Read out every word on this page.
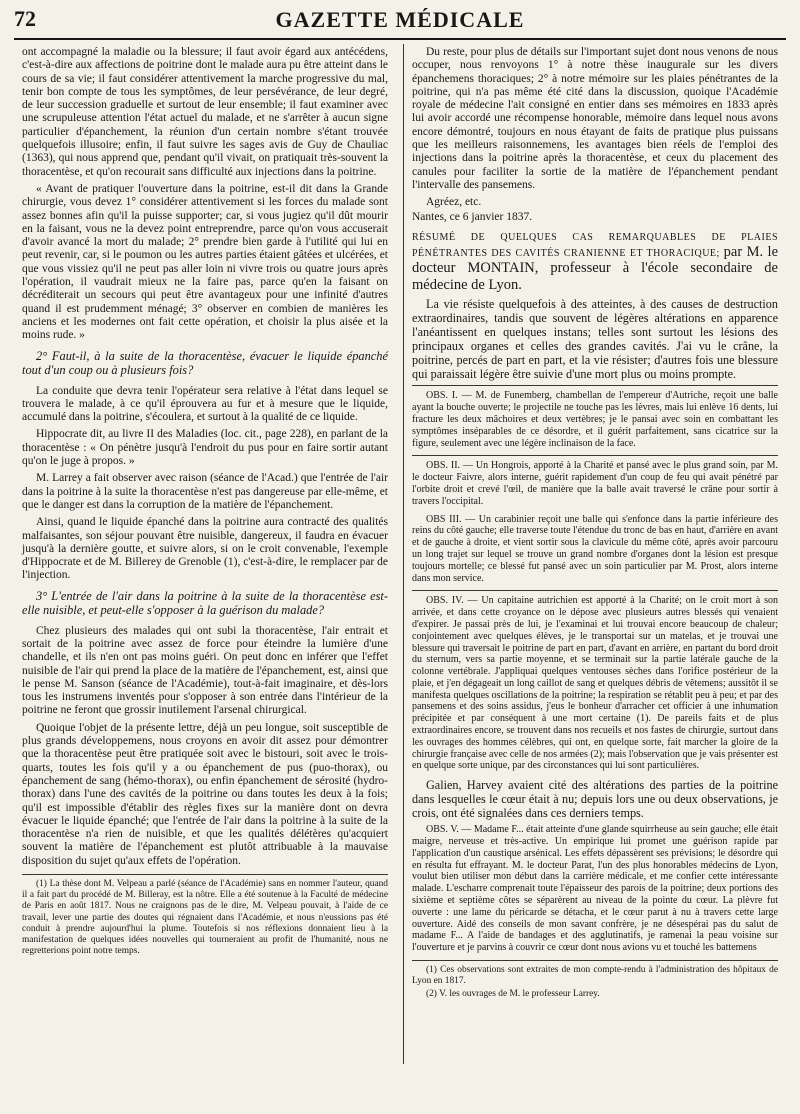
72	GAZETTE MÉDICALE

ont accompagné la maladie ou la blessure; il faut avoir égard aux antécédens, c'est-à-dire aux affections de poitrine dont le malade aura pu être atteint dans le cours de sa vie; il faut considérer attentivement la marche progressive du mal, tenir bon compte de tous les symptômes, de leur persévérance, de leur degré, de leur succession graduelle et surtout de leur ensemble; il faut examiner avec une scrupuleuse attention l'état actuel du malade, et ne s'arrêter à aucun signe particulier d'épanchement, la réunion d'un certain nombre s'étant trouvée quelquefois illusoire; enfin, il faut suivre les sages avis de Guy de Chauliac (1363), qui nous apprend que, pendant qu'il vivait, on pratiquait très-souvent la thoracentèse, et qu'on recourait sans difficulté aux injections dans la poitrine.

« Avant de pratiquer l'ouverture dans la poitrine, est-il dit dans la Grande chirurgie, vous devez 1° considérer attentivement si les forces du malade sont assez bonnes afin qu'il la puisse supporter; car, si vous jugiez qu'il dût mourir en la faisant, vous ne la devez point entreprendre, parce qu'on vous accuserait d'avoir avancé la mort du malade; 2° prendre bien garde à l'utilité qui lui en peut revenir, car, si le poumon ou les autres parties étaient gâtées et ulcérées, et que vous vissiez qu'il ne peut pas aller loin ni vivre trois ou quatre jours après l'opération, il vaudrait mieux ne la faire pas, parce qu'en la faisant on décréditerait un secours qui peut être avantageux pour une infinité d'autres quand il est prudemment ménagé; 3° observer en combien de manières les anciens et les modernes ont fait cette opération, et choisir la plus aisée et la moins rude. »

2° Faut-il, à la suite de la thoracentèse, évacuer le liquide épanché tout d'un coup ou à plusieurs fois?

La conduite que devra tenir l'opérateur sera relative à l'état dans lequel se trouvera le malade, à ce qu'il éprouvera au fur et à mesure que le liquide, accumulé dans la poitrine, s'écoulera, et surtout à la qualité de ce liquide.

Hippocrate dit, au livre II des Maladies (loc. cit., page 228), en parlant de la thoracentèse : « On pénètre jusqu'à l'endroit du pus pour en faire sortir autant qu'on le juge à propos. »

M. Larrey a fait observer avec raison (séance de l'Acad.) que l'entrée de l'air dans la poitrine à la suite la thoracentèse n'est pas dangereuse par elle-même, et que le danger est dans la corruption de la matière de l'épanchement.

Ainsi, quand le liquide épanché dans la poitrine aura contracté des qualités malfaisantes, son séjour pouvant être nuisible, dangereux, il faudra en évacuer jusqu'à la dernière goutte, et suivre alors, si on le croit convenable, l'exemple d'Hippocrate et de M. Billerey de Grenoble (1), c'est-à-dire, le remplacer par de l'injection.

3° L'entrée de l'air dans la poitrine à la suite de la thoracentèse est-elle nuisible, et peut-elle s'opposer à la guérison du malade?

Chez plusieurs des malades qui ont subi la thoracentèse, l'air entrait et sortait de la poitrine avec assez de force pour éteindre la lumière d'une chandelle, et ils n'en ont pas moins guéri. On peut donc en inférer que l'effet nuisible de l'air qui prend la place de la matière de l'épanchement, est, ainsi que le pense M. Sanson (séance de l'Académie), tout-à-fait imaginaire, et dès-lors tous les instrumens inventés pour s'opposer à son entrée dans l'intérieur de la poitrine ne feront que grossir inutilement l'arsenal chirurgical.

Quoique l'objet de la présente lettre, déjà un peu longue, soit susceptible de plus grands développemens, nous croyons en avoir dit assez pour démontrer que la thoracentèse peut être pratiquée soit avec le bistouri, soit avec le trois-quarts, toutes les fois qu'il y a ou épanchement de pus (puo-thorax), ou épanchement de sang (hémo-thorax), ou enfin épanchement de sérosité (hydro-thorax) dans l'une des cavités de la poitrine ou dans toutes les deux à la fois; qu'il est impossible d'établir des règles fixes sur la manière dont on devra évacuer le liquide épanché; que l'entrée de l'air dans la poitrine à la suite de la thoracentèse n'a rien de nuisible, et que les qualités délétères qu'acquiert souvent la matière de l'épanchement est plutôt attribuable à la mauvaise disposition du sujet qu'aux effets de l'opération.

(1) La thèse dont M. Velpeau a parlé (séance de l'Académie) sans en nommer l'auteur, quand il a fait part du procédé de M. Billeray, est la nôtre. Elle a été soutenue à la Faculté de médecine de Paris en août 1817. Nous ne craignons pas de le dire, M. Velpeau pouvait, à l'aide de ce travail, lever une partie des doutes qui régnaient dans l'Académie, et nous n'eussions pas été conduit à prendre aujourd'hui la plume. Toutefois si nos réflexions donnaient lieu à la manifestation de quelques idées nouvelles qui tourneraient au profit de l'humanité, nous ne regretterions point notre temps.

Du reste, pour plus de détails sur l'important sujet dont nous venons de nous occuper, nous renvoyons 1° à notre thèse inaugurale sur les divers épanchemens thoraciques; 2° à notre mémoire sur les plaies pénétrantes de la poitrine, qui n'a pas même été cité dans la discussion, quoique l'Académie royale de médecine l'ait consigné en entier dans ses mémoires en 1833 après lui avoir accordé une récompense honorable, mémoire dans lequel nous avons encore démontré, toujours en nous étayant de faits de pratique plus puissans que les meilleurs raisonnemens, les avantages bien réels de l'emploi des injections dans la poitrine après la thoracentèse, et ceux du placement des canules pour faciliter la sortie de la matière de l'épanchement pendant l'intervalle des pansemens.

Agréez, etc.

Nantes, ce 6 janvier 1837.

RÉSUMÉ DE QUELQUES CAS REMARQUABLES DE PLAIES PÉNÉTRANTES DES CAVITÉS CRANIENNE ET THORACIQUE; par M. le docteur MONTAIN, professeur à l'école secondaire de médecine de Lyon.

La vie résiste quelquefois à des atteintes, à des causes de destruction extraordinaires, tandis que souvent de légères altérations en apparence l'anéantissent en quelques instans; telles sont surtout les lésions des principaux organes et celles des grandes cavités. J'ai vu le crâne, la poitrine, percés de part en part, et la vie résister; d'autres fois une blessure qui paraissait légère être suivie d'une mort plus ou moins prompte.

OBS. I. — M. de Funemberg, chambellan de l'empereur d'Autriche, reçoit une balle ayant la bouche ouverte; le projectile ne touche pas les lèvres, mais lui enlève 16 dents, lui fracture les deux mâchoires et deux vertèbres; je le pansai avec soin en combattant les symptômes inséparables de ce désordre, et il guérit parfaitement, sans cicatrice sur la figure, seulement avec une légère inclinaison de la face.

OBS. II. — Un Hongrois, apporté à la Charité et pansé avec le plus grand soin, par M. le docteur Faivre, alors interne, guérit rapidement d'un coup de feu qui avait pénétré par l'orbite droit et crevé l'œil, de manière que la balle avait traversé le crâne pour sortir à travers l'occipital.

OBS III. — Un carabinier reçoit une balle qui s'enfonce dans la partie inférieure des reins du côté gauche; elle traverse toute l'étendue du tronc de bas en haut, d'arrière en avant et de gauche à droite, et vient sortir sous la clavicule du même côté, après avoir parcouru un long trajet sur lequel se trouve un grand nombre d'organes dont la lésion est presque toujours mortelle; ce blessé fut pansé avec un soin particulier par M. Prost, alors interne dans mon service.

OBS. IV. — Un capitaine autrichien est apporté à la Charité; on le croit mort à son arrivée, et dans cette croyance on le dépose avec plusieurs autres blessés qui venaient d'expirer. Je passai près de lui, je l'examinai et lui trouvai encore beaucoup de chaleur; conjointement avec quelques élèves, je le transportai sur un matelas, et je trouvai une blessure qui traversait le poitrine de part en part, d'avant en arrière, en partant du bord droit du sternum, vers sa partie moyenne, et se terminait sur la partie latérale gauche de la colonne vertébrale. J'appliquai quelques ventouses sèches dans l'orifice postérieur de la plaie, et j'en dégageait un long caillot de sang et quelques débris de vêtemens; aussitôt il se manifesta quelques oscillations de la poitrine; la respiration se rétablit peu à peu; et par des pansemens et des soins assidus, j'eus le bonheur d'arracher cet officier à une inhumation précipitée et par conséquent à une mort certaine (1). De pareils faits et de plus extraordinaires encore, se trouvent dans nos recueils et nos fastes de chirurgie, surtout dans les ouvrages des hommes célèbres, qui ont, en quelque sorte, fait marcher la gloire de la chirurgie française avec celle de nos armées (2); mais l'observation que je vais présenter est en quelque sorte unique, par des circonstances qui lui sont particulières.

Galien, Harvey avaient cité des altérations des parties de la poitrine dans lesquelles le cœur était à nu; depuis lors une ou deux observations, je crois, ont été signalées dans ces derniers temps.

OBS. V. — Madame F... était atteinte d'une glande squirrheuse au sein gauche; elle était maigre, nerveuse et très-active. Un empirique lui promet une guérison rapide par l'application d'un caustique arsénical. Les effets dépassèrent ses prévisions; le désordre qui en résulta fut effrayant. M. le docteur Parat, l'un des plus honorables médecins de Lyon, voulut bien utiliser mon début dans la carrière médicale, et me confier cette intéressante malade. L'escharre comprenait toute l'épaisseur des parois de la poitrine; deux portions des sixième et septième côtes se séparèrent au niveau de la pointe du cœur. La plèvre fut ouverte : une lame du péricarde se détacha, et le cœur parut à nu à travers cette large ouverture. Aidé des conseils de mon savant confrère, je ne désespérai pas du salut de madame F... A l'aide de bandages et des agglutinatifs, je ramenai la peau voisine sur l'ouverture et je parvins à couvrir ce cœur dont nous avions vu et touché les battemens

(1) Ces observations sont extraites de mon compte-rendu à l'administration des hôpitaux de Lyon en 1817.

(2) V. les ouvrages de M. le professeur Larrey.
